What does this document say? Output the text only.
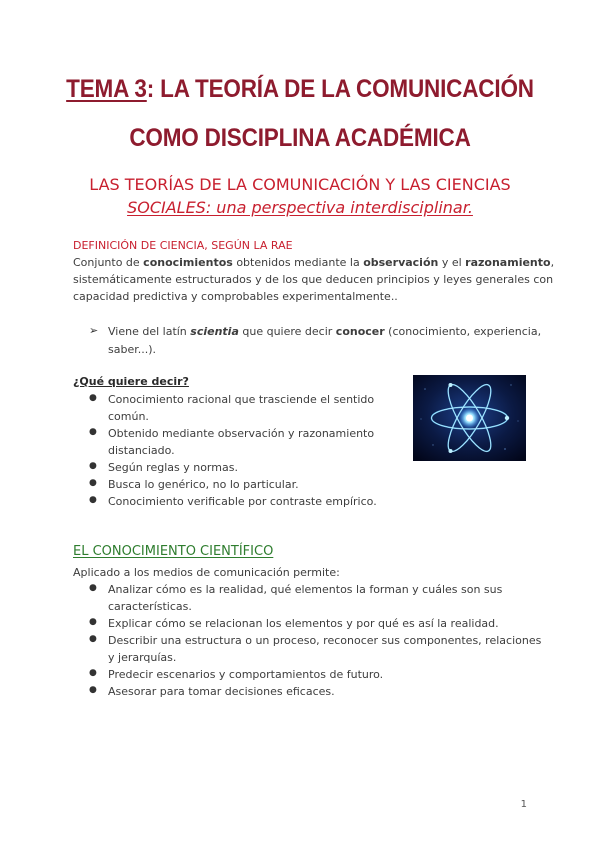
TEMA 3: LA TEORÍA DE LA COMUNICACIÓN
COMO DISCIPLINA ACADÉMICA
LAS TEORÍAS DE LA COMUNICACIÓN Y LAS CIENCIAS
SOCIALES: una perspectiva interdisciplinar.
DEFINICIÓN DE CIENCIA, SEGÚN LA RAE
Conjunto de conocimientos obtenidos mediante la observación y el razonamiento,
sistemáticamente estructurados y de los que deducen principios y leyes generales con
capacidad predictiva y comprobables experimentalmente..
➢ Viene del latín scientia que quiere decir conocer (conocimiento, experiencia,
saber...).
¿Qué quiere decir?
● Conocimiento racional que trasciende el sentido
común.
● Obtenido mediante observación y razonamiento
distanciado.
● Según reglas y normas.
● Busca lo genérico, no lo particular.
● Conocimiento verificable por contraste empírico.
EL CONOCIMIENTO CIENTÍFICO
Aplicado a los medios de comunicación permite:
● Analizar cómo es la realidad, qué elementos la forman y cuáles son sus
características.
● Explicar cómo se relacionan los elementos y por qué es así la realidad.
● Describir una estructura o un proceso, reconocer sus componentes, relaciones
y jerarquías.
● Predecir escenarios y comportamientos de futuro.
● Asesorar para tomar decisiones eficaces.
1
